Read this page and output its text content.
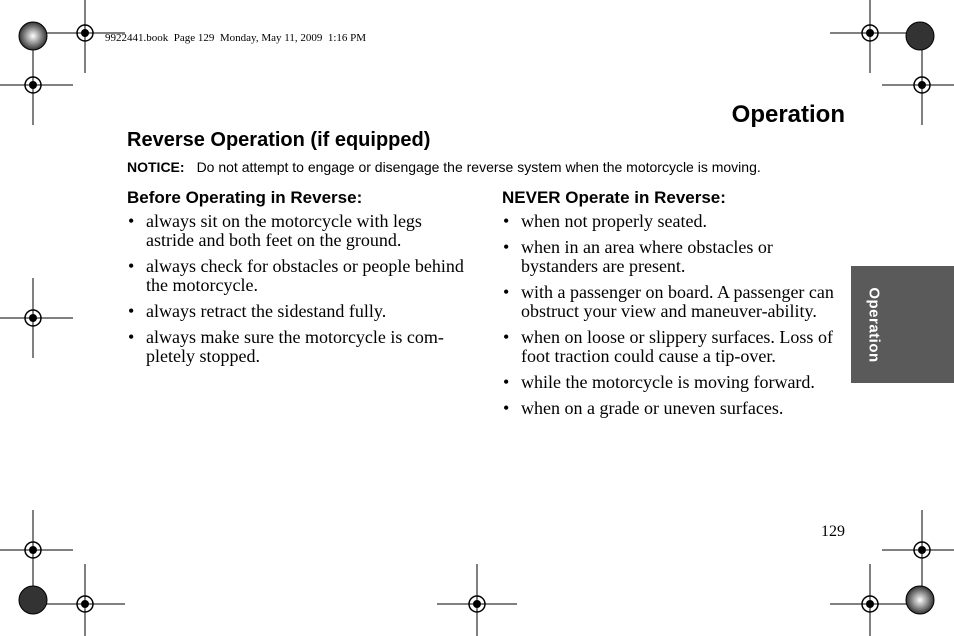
9922441.book  Page 129  Monday, May 11, 2009  1:16 PM
Operation
Reverse Operation (if equipped)
NOTICE: Do not attempt to engage or disengage the reverse system when the motorcycle is moving.
Before Operating in Reverse:
• always sit on the motorcycle with legs astride and both feet on the ground.
• always check for obstacles or people behind the motorcycle.
• always retract the sidestand fully.
• always make sure the motorcycle is com-pletely stopped.
NEVER Operate in Reverse:
• when not properly seated.
• when in an area where obstacles or bystanders are present.
• with a passenger on board. A passenger can obstruct your view and maneuver-ability.
• when on loose or slippery surfaces. Loss of foot traction could cause a tip-over.
• while the motorcycle is moving forward.
• when on a grade or uneven surfaces.
Operation
129
